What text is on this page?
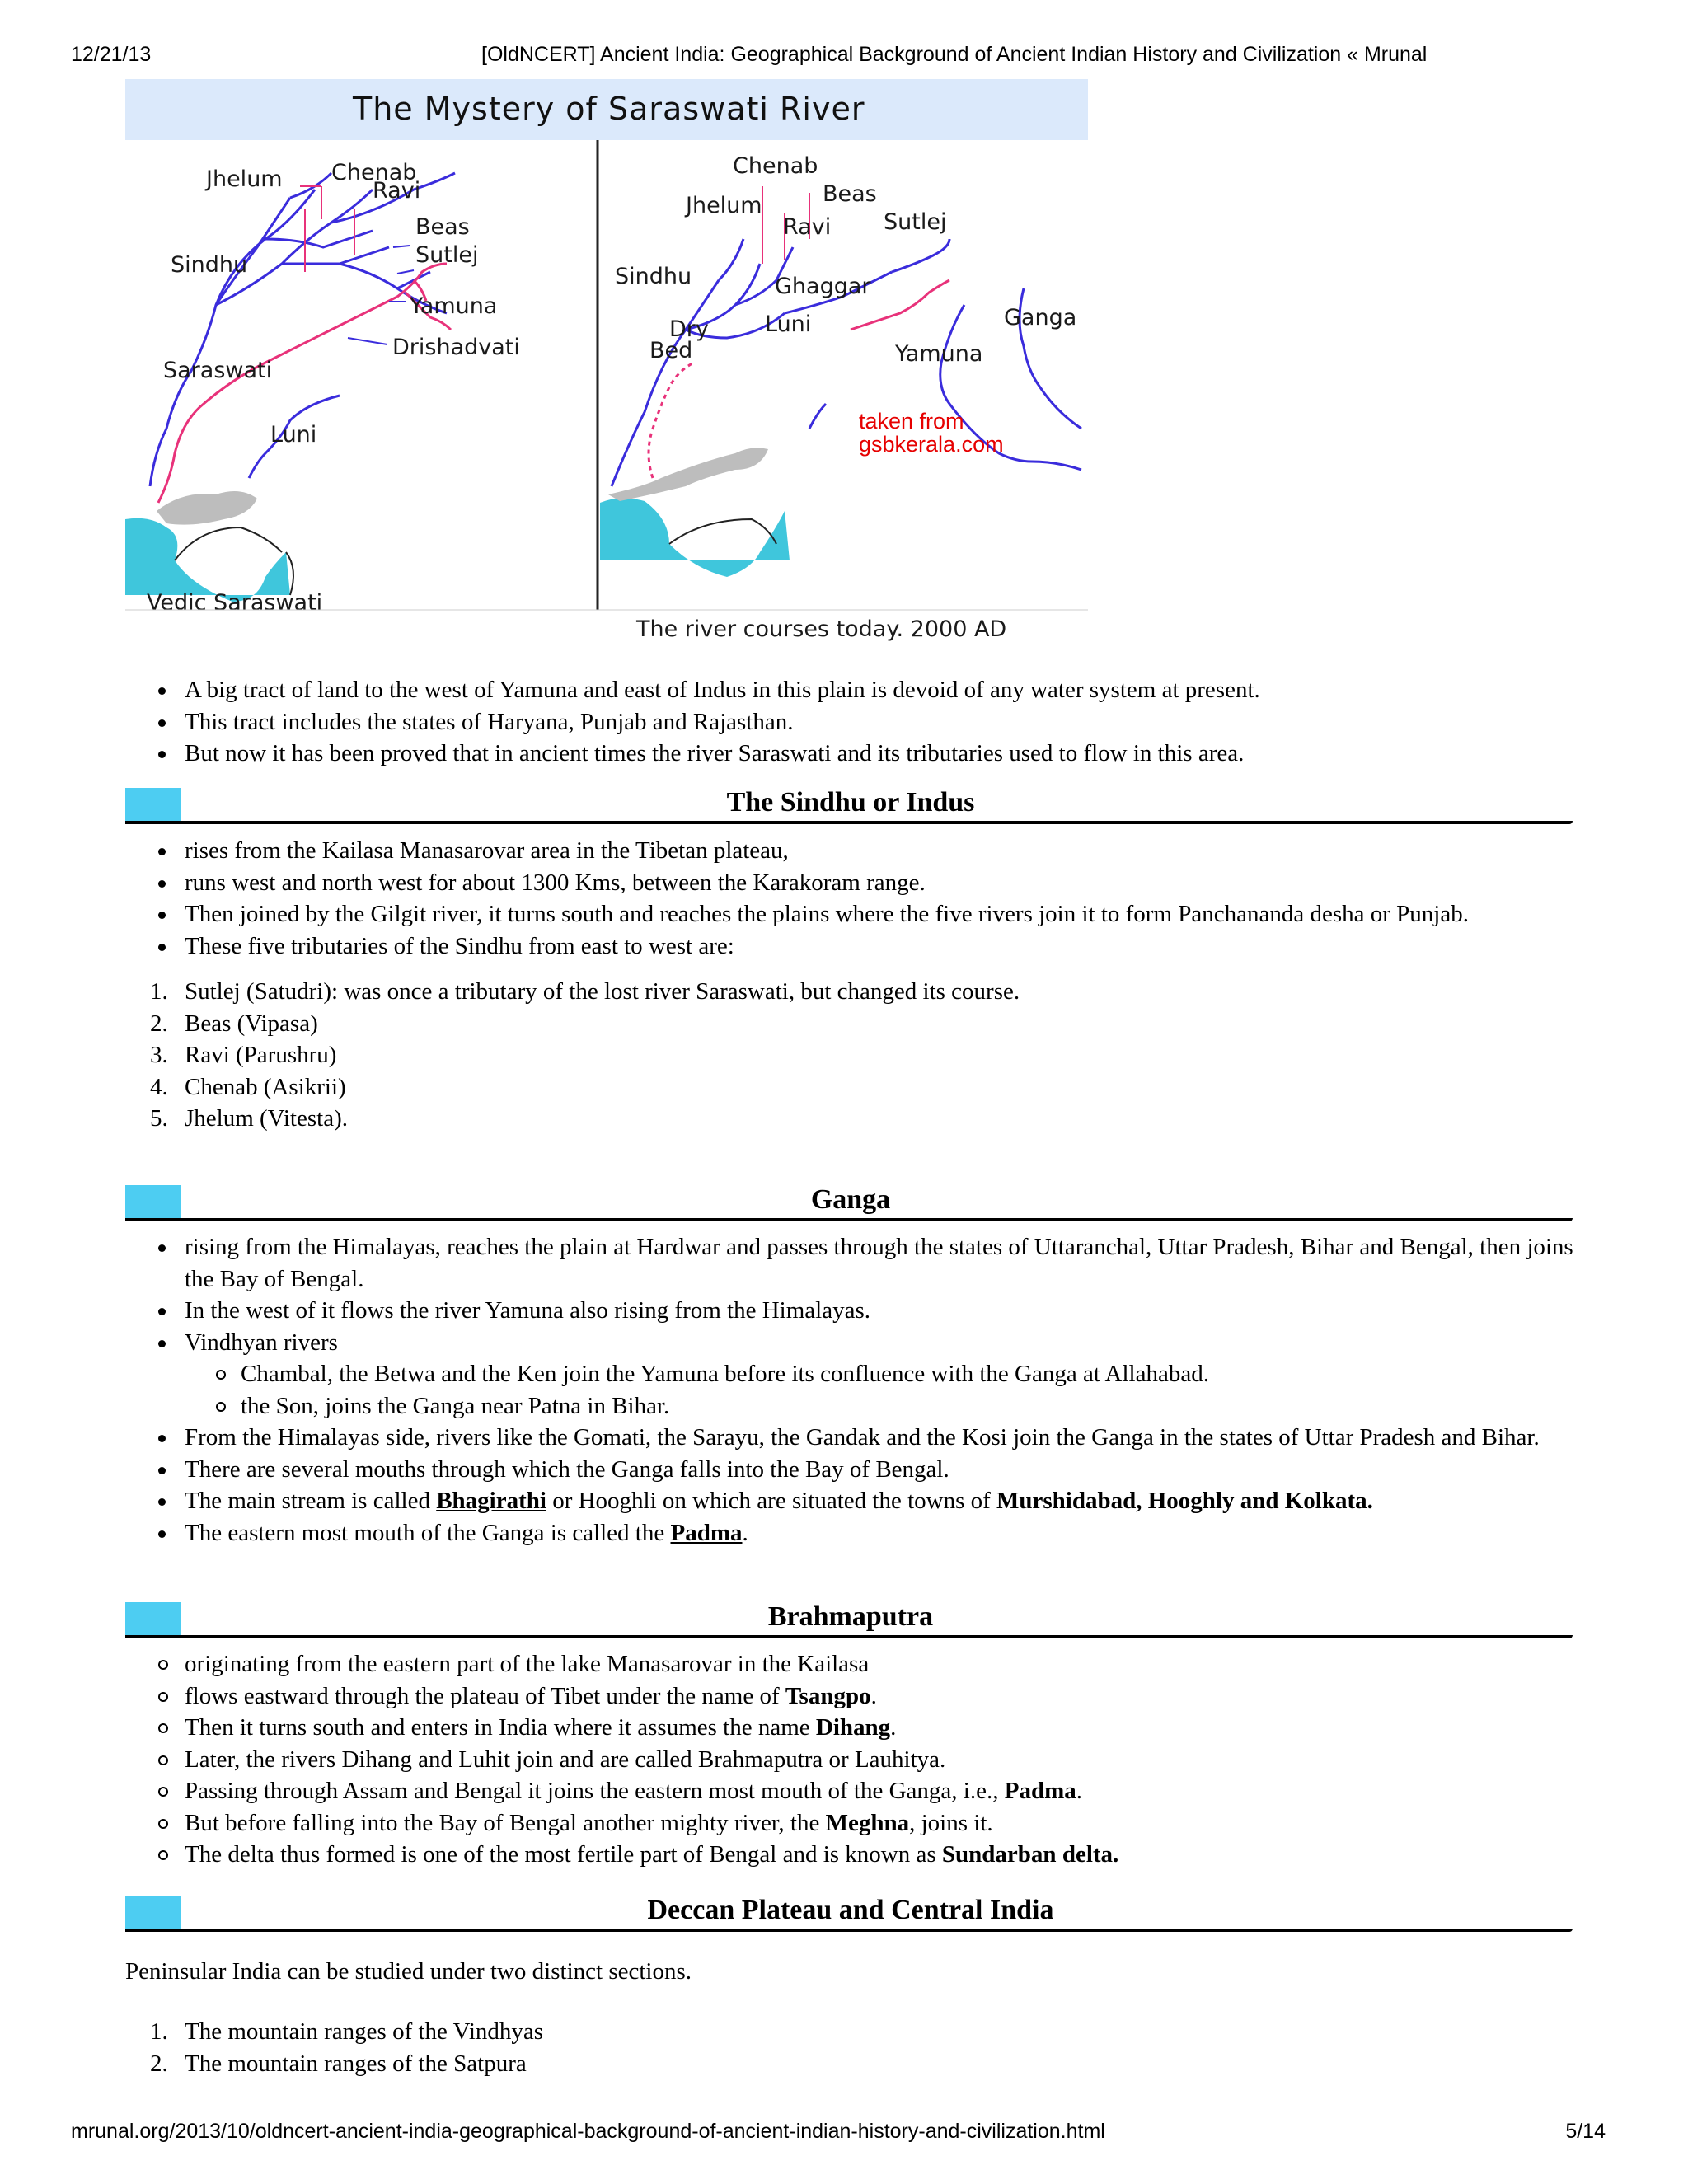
12/21/13	[OldNCERT] Ancient India: Geographical Background of Ancient Indian History and Civilization « Mrunal
The Mystery of Saraswati River
Jhelum Chenab
Beas
Ravi
Sindhu	Sutlej
Yamuna
Drishadvati
Saraswati
Luni
Vedic Saraswati
Chenab
Beas
Jhelum
Ravi Sutlej
Sindhu	Ghaggar
Dry
Bed
Luni	Ganga
Yamuna
taken from
gsbkerala.com
The river courses today. 2000 AD
A big tract of land to the west of Yamuna and east of Indus in this plain is devoid of any water system at present.
This tract includes the states of Haryana, Punjab and Rajasthan.
But now it has been proved that in ancient times the river Saraswati and its tributaries used to flow in this area.
The Sindhu or Indus
rises from the Kailasa Manasarovar area in the Tibetan plateau,
runs west and north west for about 1300 Kms, between the Karakoram range.
Then joined by the Gilgit river, it turns south and reaches the plains where the five rivers join it to form Panchananda desha or Punjab.
These five tributaries of the Sindhu from east to west are:
1. Sutlej (Satudri): was once a tributary of the lost river Saraswati, but changed its course.
2. Beas (Vipasa)
3. Ravi (Parushru)
4. Chenab (Asikrii)
5. Jhelum (Vitesta).
Ganga
rising from the Himalayas, reaches the plain at Hardwar and passes through the states of Uttaranchal, Uttar Pradesh, Bihar and Bengal, then joins the Bay of Bengal.
In the west of it flows the river Yamuna also rising from the Himalayas.
Vindhyan rivers
Chambal, the Betwa and the Ken join the Yamuna before its confluence with the Ganga at Allahabad.
the Son, joins the Ganga near Patna in Bihar.
From the Himalayas side, rivers like the Gomati, the Sarayu, the Gandak and the Kosi join the Ganga in the states of Uttar Pradesh and Bihar.
There are several mouths through which the Ganga falls into the Bay of Bengal.
The main stream is called Bhagirathi or Hooghli on which are situated the towns of Murshidabad, Hooghly and Kolkata.
The eastern most mouth of the Ganga is called the Padma.
Brahmaputra
originating from the eastern part of the lake Manasarovar in the Kailasa
flows eastward through the plateau of Tibet under the name of Tsangpo.
Then it turns south and enters in India where it assumes the name Dihang.
Later, the rivers Dihang and Luhit join and are called Brahmaputra or Lauhitya.
Passing through Assam and Bengal it joins the eastern most mouth of the Ganga, i.e., Padma.
But before falling into the Bay of Bengal another mighty river, the Meghna, joins it.
The delta thus formed is one of the most fertile part of Bengal and is known as Sundarban delta.
Deccan Plateau and Central India
Peninsular India can be studied under two distinct sections.
1. The mountain ranges of the Vindhyas
2. The mountain ranges of the Satpura
mrunal.org/2013/10/oldncert-ancient-india-geographical-background-of-ancient-indian-history-and-civilization.html	5/14
